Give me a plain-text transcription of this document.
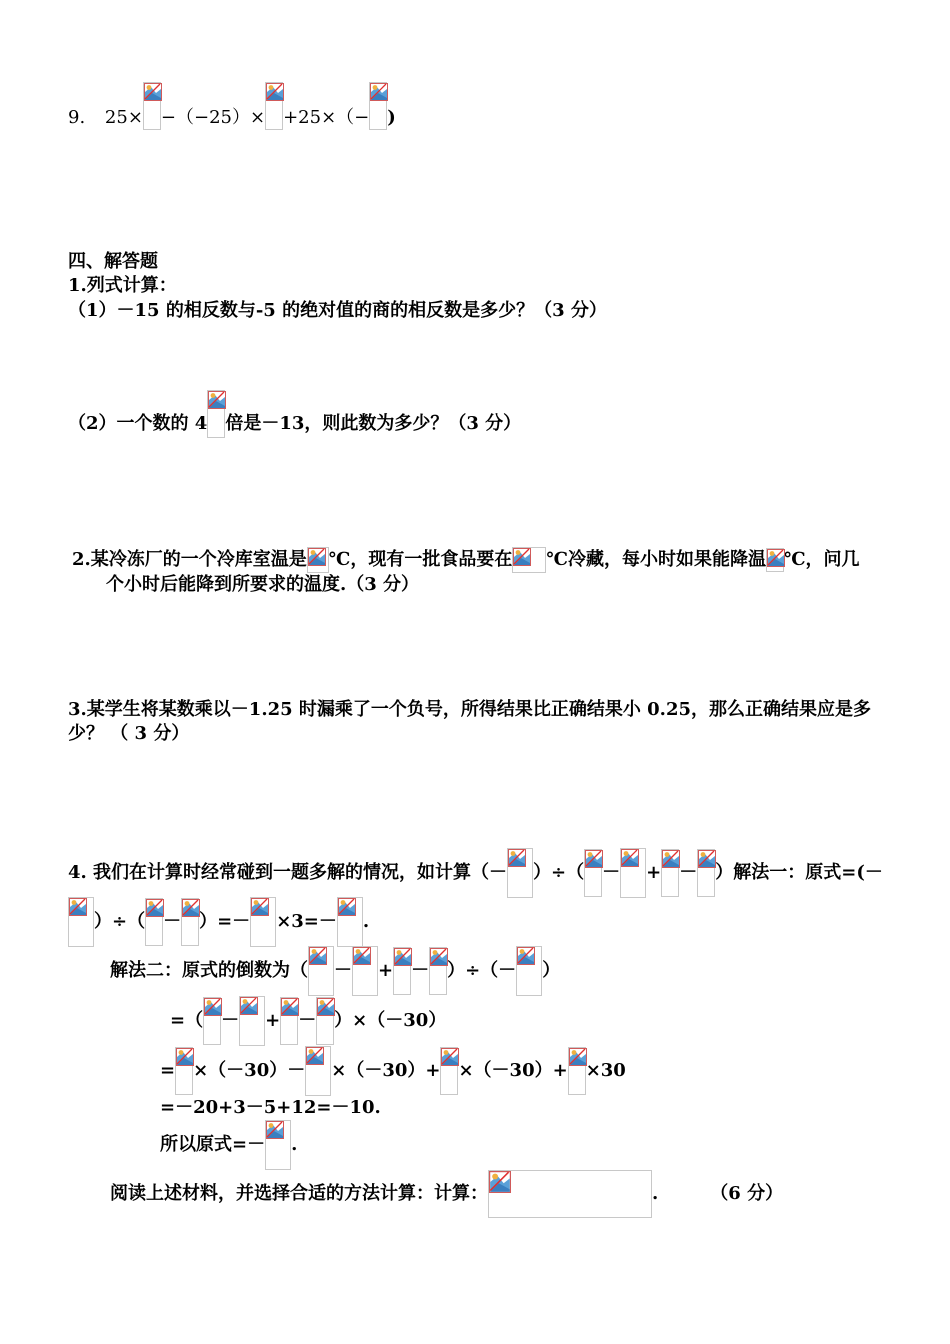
9. 25× −（−25）× +25×（− )
四、解答题
1.列式计算：
（1）－15 的相反数与-5 的绝对值的商的相反数是多少？（3 分）
（2）一个数的 4 倍是－13，则此数为多少？（3 分）
2.某冷冻厂的一个冷库室温是 ℃，现有一批食品要在 ℃冷藏，每小时如果能降温 ℃，问几
个小时后能降到所要求的温度.（3 分）
3.某学生将某数乘以－1.25 时漏乘了一个负号，所得结果比正确结果小 0.25，那么正确结果应是多
少？ （ 3 分）
4. 我们在计算时经常碰到一题多解的情况，如计算（－ ）÷（ － + － ）解法一：原式=(－
）÷（ － ）=－ ×3=－ .
解法二：原式的倒数为（ － + － ）÷（－ ）
=（ － + － ）×（－30）
= ×（－30）－ ×（－30）+ ×（－30）+ ×30
=－20+3－5+12=－10.
所以原式=－ .
阅读上述材料，并选择合适的方法计算：计算：	.	（6 分）
